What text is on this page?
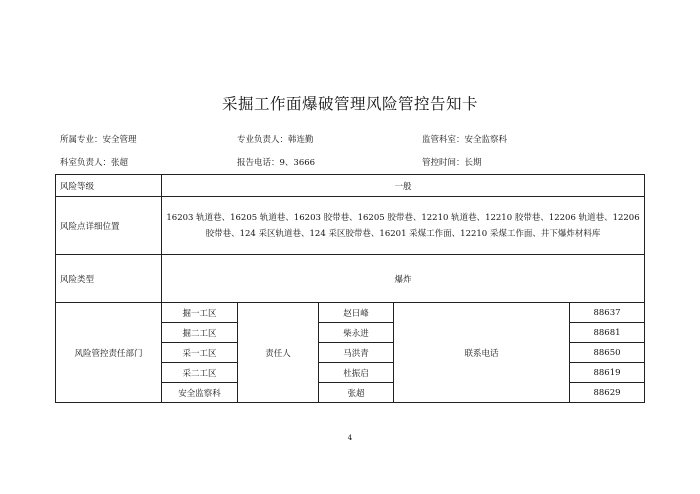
采掘工作面爆破管理风险管控告知卡
所属专业：安全管理	专业负责人：韩连勤	监管科室：安全监察科
科室负责人：张超	报告电话：9、3666	管控时间：长期
风险等级	一般				
风险点详细位置	16203 轨道巷、16205 轨道巷、16203 胶带巷、16205 胶带巷、12210 轨道巷、12210 胶带巷、12206 轨道巷、12206 胶带巷、124 采区轨道巷、124 采区胶带巷、16201 采煤工作面、12210 采煤工作面、井下爆炸材料库				
风险类型	爆炸				
风险管控责任部门	掘一工区	责任人	赵曰峰	联系电话	88637
	掘二工区		柴永进		88681
	采一工区		马洪青		88650
	采二工区		杜振启		88619
	安全监察科		张超		88629
4
